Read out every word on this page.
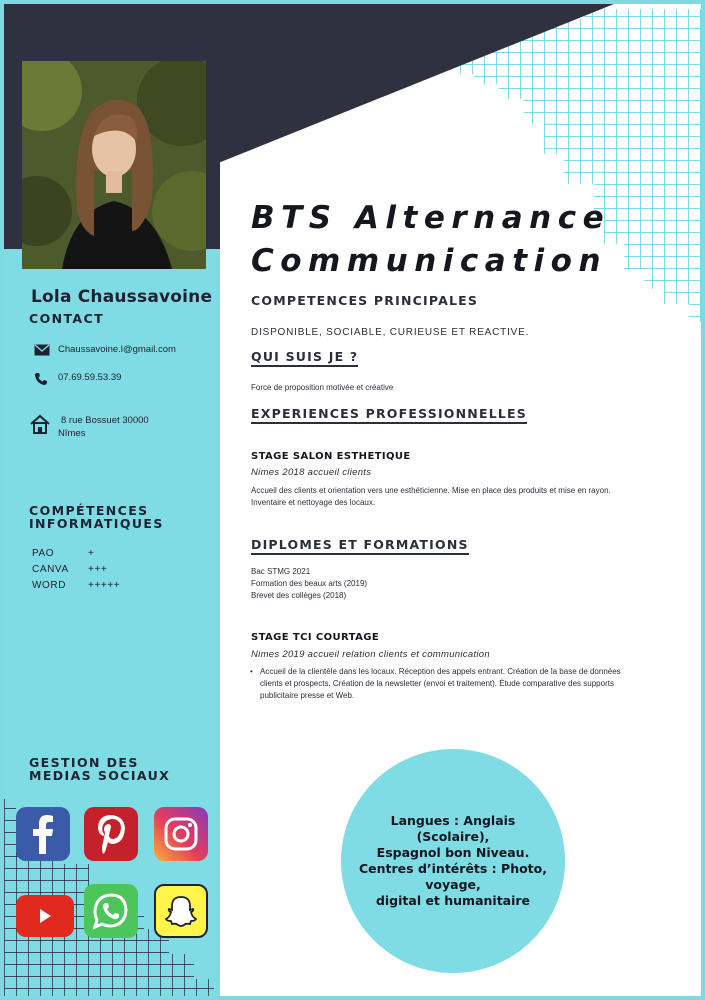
Lola Chaussavoine
CONTACT
Chaussavoine.l@gmail.com
07.69.59.53.39
8 rue Bossuet 30000
Nîmes
COMPÉTENCES
INFORMATIQUES
PAO	+
CANVA	+++
WORD	+++++
GESTION DES
MEDIAS SOCIAUX
BTS Alternance
Communication
COMPETENCES PRINCIPALES
DISPONIBLE, SOCIABLE, CURIEUSE ET REACTIVE.
QUI SUIS JE ?
Force de proposition motivée et créative
EXPERIENCES PROFESSIONNELLES
STAGE SALON ESTHETIQUE
Nimes 2018 accueil clients
Accueil des clients et orientation vers une esthéticienne. Mise en place des produits et mise en rayon.
Inventaire et nettoyage des locaux.
DIPLOMES ET FORMATIONS
Bac STMG 2021
Formation des beaux arts (2019)
Brevet des collèges (2018)
STAGE TCI COURTAGE
Nimes 2019 accueil relation clients et communication
• Accueil de la clientèle dans les locaux. Réception des appels entrant. Création de la base de données
clients et prospects. Création de la newsletter (envoi et traitement). Étude comparative des supports
publicitaire presse et Web.
Langues : Anglais (Scolaire),
Espagnol bon Niveau.
Centres d’intérêts : Photo, voyage,
digital et humanitaire
